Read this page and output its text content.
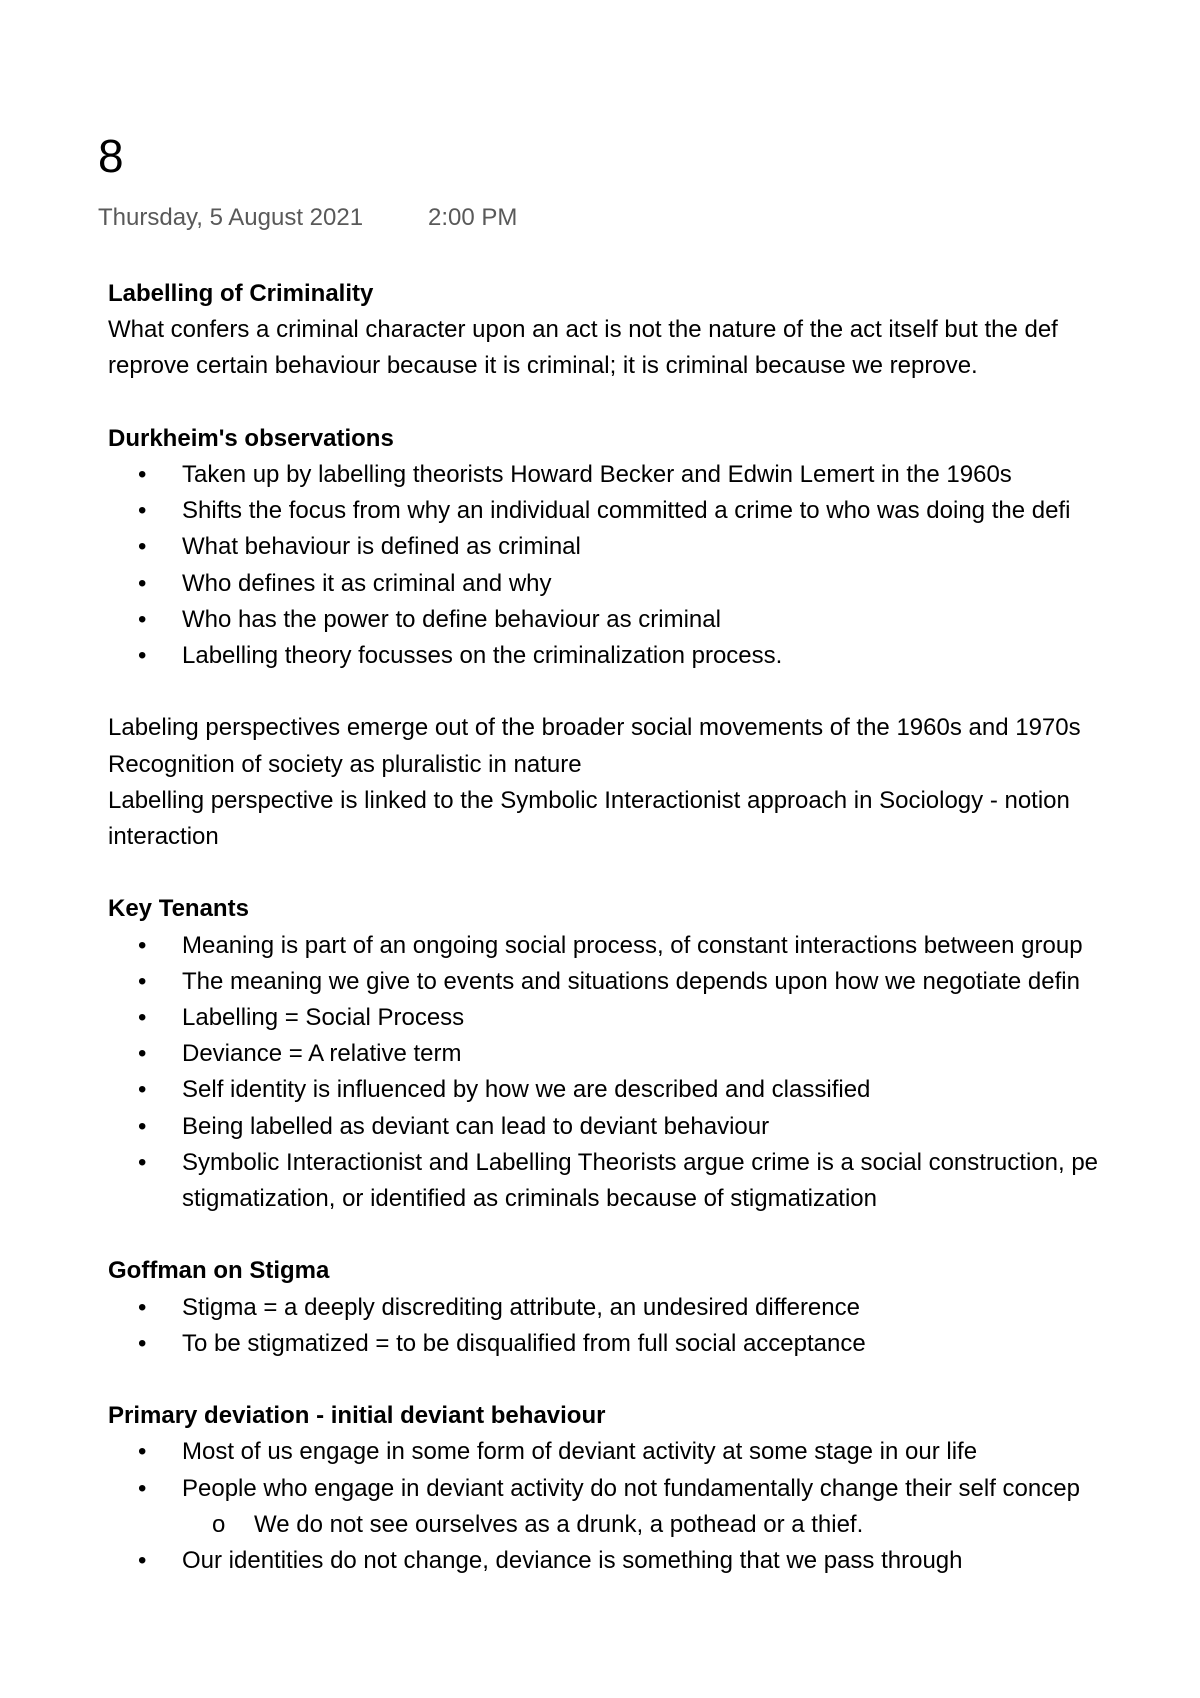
8
Thursday, 5 August 2021	2:00 PM
Labelling of Criminality
What confers a criminal character upon an act is not the nature of the act itself but the def
reprove certain behaviour because it is criminal; it is criminal because we reprove.
Durkheim's observations
• Taken up by labelling theorists Howard Becker and Edwin Lemert in the 1960s
• Shifts the focus from why an individual committed a crime to who was doing the defi
• What behaviour is defined as criminal
• Who defines it as criminal and why
• Who has the power to define behaviour as criminal
• Labelling theory focusses on the criminalization process.
Labeling perspectives emerge out of the broader social movements of the 1960s and 1970s
Recognition of society as pluralistic in nature
Labelling perspective is linked to the Symbolic Interactionist approach in Sociology - notion
interaction
Key Tenants
• Meaning is part of an ongoing social process, of constant interactions between group
• The meaning we give to events and situations depends upon how we negotiate defin
• Labelling = Social Process
• Deviance = A relative term
• Self identity is influenced by how we are described and classified
• Being labelled as deviant can lead to deviant behaviour
• Symbolic Interactionist and Labelling Theorists argue crime is a social construction, pe
stigmatization, or identified as criminals because of stigmatization
Goffman on Stigma
• Stigma = a deeply discrediting attribute, an undesired difference
• To be stigmatized = to be disqualified from full social acceptance
Primary deviation - initial deviant behaviour
• Most of us engage in some form of deviant activity at some stage in our life
• People who engage in deviant activity do not fundamentally change their self concep
o We do not see ourselves as a drunk, a pothead or a thief.
• Our identities do not change, deviance is something that we pass through
